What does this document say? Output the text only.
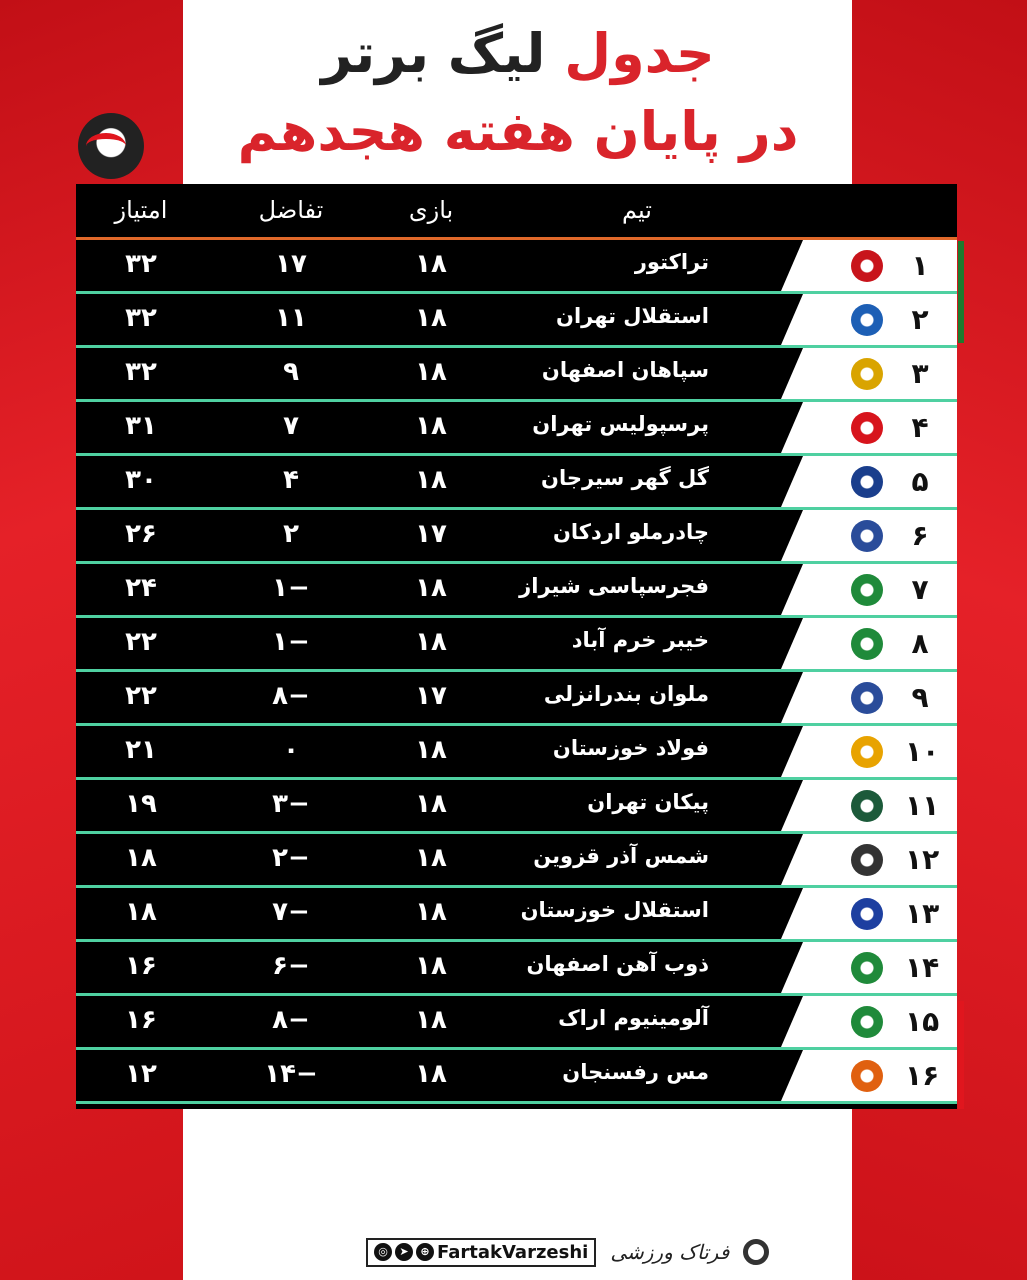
جدول لیگ برتر
در پایان هفته هجدهم
تیم
بازی
تفاضل
امتیاز
۱
تراکتور
۱۸
۱۷
۳۲
۲
استقلال تهران
۱۸
۱۱
۳۲
۳
سپاهان اصفهان
۱۸
۹
۳۲
۴
پرسپولیس تهران
۱۸
۷
۳۱
۵
گل گهر سیرجان
۱۸
۴
۳۰
۶
چادرملو اردکان
۱۷
۲
۲۶
۷
فجرسپاسی شیراز
۱۸
−۱
۲۴
۸
خیبر خرم آباد
۱۸
−۱
۲۲
۹
ملوان بندرانزلی
۱۷
−۸
۲۲
۱۰
فولاد خوزستان
۱۸
۰
۲۱
۱۱
پیکان تهران
۱۸
−۳
۱۹
۱۲
شمس آذر قزوین
۱۸
−۲
۱۸
۱۳
استقلال خوزستان
۱۸
−۷
۱۸
۱۴
ذوب آهن اصفهان
۱۸
−۶
۱۶
۱۵
آلومینیوم اراک
۱۸
−۸
۱۶
۱۶
مس رفسنجان
۱۸
−۱۴
۱۲
◎	➤	⊕ FartakVarzeshi فرتاک ورزشی
